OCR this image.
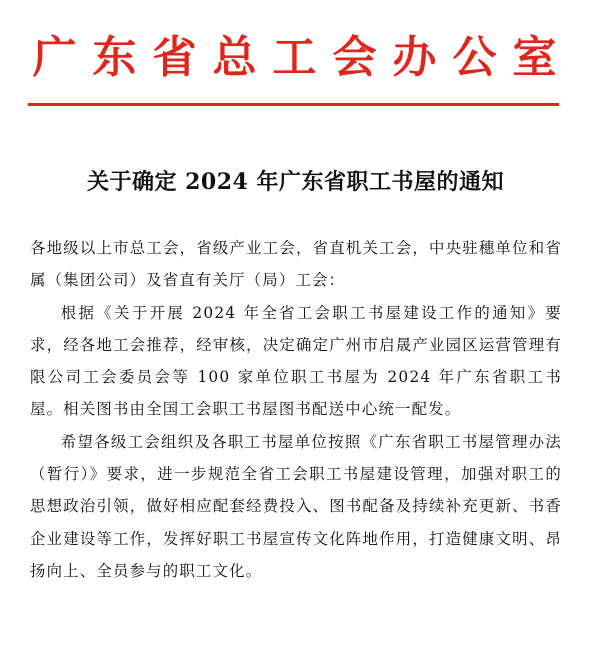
广东省总工会办公室
关于确定 2024 年广东省职工书屋的通知

各地级以上市总工会，省级产业工会，省直机关工会，中央驻穗单位和省属（集团公司）及省直有关厅（局）工会：

根据《关于开展 2024 年全省工会职工书屋建设工作的通知》要求，经各地工会推荐，经审核，决定确定广州市启晟产业园区运营管理有限公司工会委员会等 100 家单位职工书屋为 2024 年广东省职工书屋。相关图书由全国工会职工书屋图书配送中心统一配发。

希望各级工会组织及各职工书屋单位按照《广东省职工书屋管理办法（暂行）》要求，进一步规范全省工会职工书屋建设管理，加强对职工的思想政治引领，做好相应配套经费投入、图书配备及持续补充更新、书香企业建设等工作，发挥好职工书屋宣传文化阵地作用，打造健康文明、昂扬向上、全员参与的职工文化。
